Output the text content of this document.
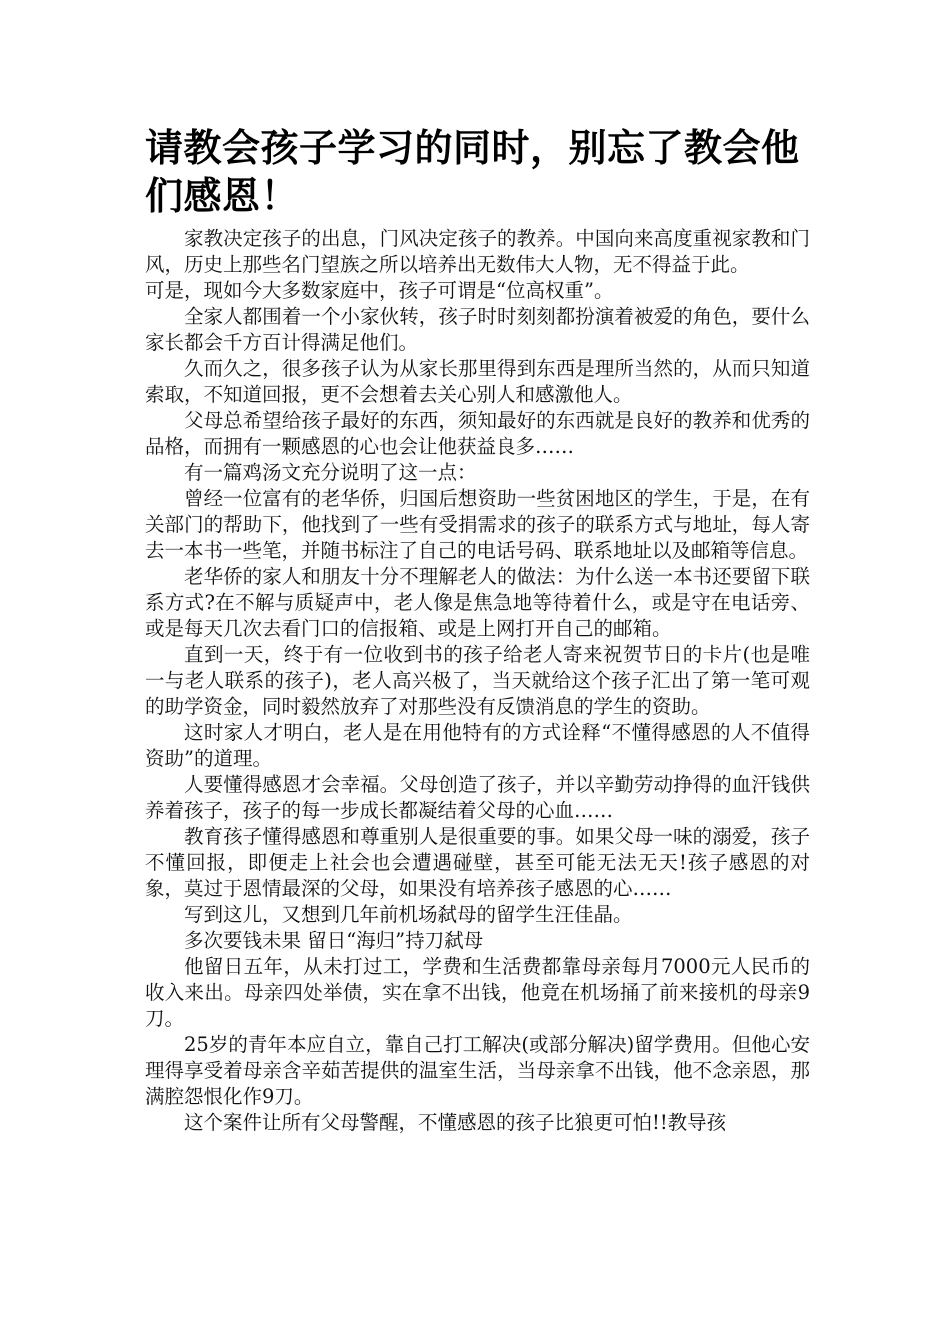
请教会孩子学习的同时，别忘了教会他们感恩！

家教决定孩子的出息，门风决定孩子的教养。中国向来高度重视家教和门风，历史上那些名门望族之所以培养出无数伟大人物，无不得益于此。

可是，现如今大多数家庭中，孩子可谓是“位高权重”。

全家人都围着一个小家伙转，孩子时时刻刻都扮演着被爱的角色，要什么家长都会千方百计得满足他们。

久而久之，很多孩子认为从家长那里得到东西是理所当然的，从而只知道索取，不知道回报，更不会想着去关心别人和感激他人。

父母总希望给孩子最好的东西，须知最好的东西就是良好的教养和优秀的品格，而拥有一颗感恩的心也会让他获益良多……

有一篇鸡汤文充分说明了这一点：

曾经一位富有的老华侨，归国后想资助一些贫困地区的学生，于是，在有关部门的帮助下，他找到了一些有受捐需求的孩子的联系方式与地址，每人寄去一本书一些笔，并随书标注了自己的电话号码、联系地址以及邮箱等信息。

老华侨的家人和朋友十分不理解老人的做法：为什么送一本书还要留下联系方式?在不解与质疑声中，老人像是焦急地等待着什么，或是守在电话旁、或是每天几次去看门口的信报箱、或是上网打开自己的邮箱。

直到一天，终于有一位收到书的孩子给老人寄来祝贺节日的卡片(也是唯一与老人联系的孩子)，老人高兴极了，当天就给这个孩子汇出了第一笔可观的助学资金，同时毅然放弃了对那些没有反馈消息的学生的资助。

这时家人才明白，老人是在用他特有的方式诠释“不懂得感恩的人不值得资助”的道理。

人要懂得感恩才会幸福。父母创造了孩子，并以辛勤劳动挣得的血汗钱供养着孩子，孩子的每一步成长都凝结着父母的心血……

教育孩子懂得感恩和尊重别人是很重要的事。如果父母一味的溺爱，孩子不懂回报，即便走上社会也会遭遇碰壁，甚至可能无法无天!孩子感恩的对象，莫过于恩情最深的父母，如果没有培养孩子感恩的心……

写到这儿，又想到几年前机场弑母的留学生汪佳晶。

多次要钱未果 留日“海归”持刀弑母

他留日五年，从未打过工，学费和生活费都靠母亲每月7000元人民币的收入来出。母亲四处举债，实在拿不出钱，他竟在机场捅了前来接机的母亲9刀。

25岁的青年本应自立，靠自己打工解决(或部分解决)留学费用。但他心安理得享受着母亲含辛茹苦提供的温室生活，当母亲拿不出钱，他不念亲恩，那满腔怨恨化作9刀。

这个案件让所有父母警醒，不懂感恩的孩子比狼更可怕!!教导孩
